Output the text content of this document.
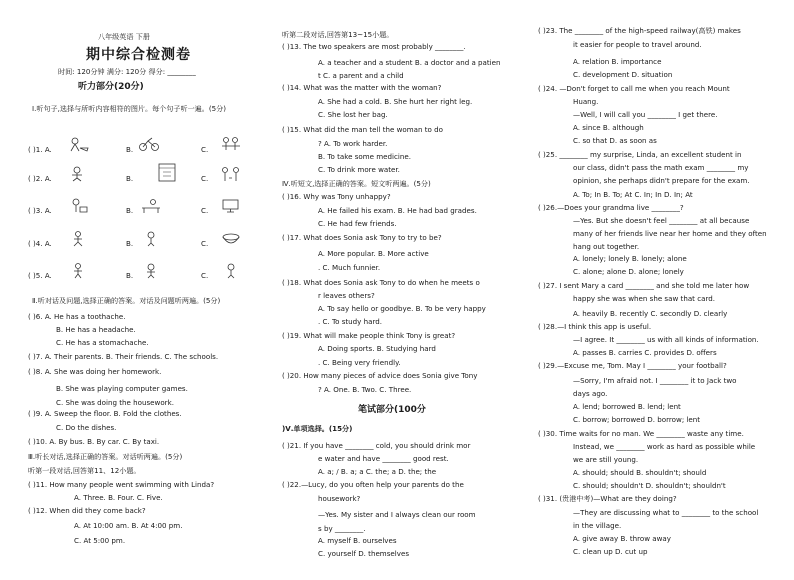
八年级英语 下册
期中综合检测卷
时间: 120分钟 满分: 120分 得分: ________
听力部分(20分)
Ⅰ.听句子,选择与所听内容相符的图片。每个句子听一遍。(5分)
( )1. A.	B.	C.
( )2. A.	B.	C.
( )3. A.	B.	C.
( )4. A.	B.	C.
( )5. A.	B.	C.
Ⅱ.听对话及问题,选择正确的答案。对话及问题听两遍。(5分)
( )6. A. He has a toothache.
B. He has a headache.
C. He has a stomachache.
( )7. A. Their parents. B. Their friends. C. The schools.
( )8. A. She was doing her homework.
B. She was playing computer games.
C. She was doing the housework.
( )9. A. Sweep the floor. B. Fold the clothes.
C. Do the dishes.
( )10. A. By bus. B. By car. C. By taxi.
Ⅲ.听长对话,选择正确的答案。对话听两遍。(5分)
听第一段对话,回答第11、12小题。
( )11. How many people went swimming with Linda?
A. Three. B. Four. C. Five.
( )12. When did they come back?
A. At 10:00 am. B. At 4:00 pm.
C. At 5:00 pm.
听第二段对话,回答第13~15小题。
( )13. The two speakers are most probably ________.
A. a teacher and a student B. a doctor and a patien
t C. a parent and a child
( )14. What was the matter with the woman?
A. She had a cold. B. She hurt her right leg.
C. She lost her bag.
( )15. What did the man tell the woman to do
? A. To work harder.
B. To take some medicine.
C. To drink more water.
Ⅳ.听短文,选择正确的答案。短文听两遍。(5分)
( )16. Why was Tony unhappy?
A. He failed his exam. B. He had bad grades.
C. He had few friends.
( )17. What does Sonia ask Tony to try to be?
A. More popular. B. More active
. C. Much funnier.
( )18. What does Sonia ask Tony to do when he meets o
r leaves others?
A. To say hello or goodbye. B. To be very happy
. C. To study hard.
( )19. What will make people think Tony is great?
A. Doing sports. B. Studying hard
. C. Being very friendly.
( )20. How many pieces of advice does Sonia give Tony
? A. One. B. Two. C. Three.
笔试部分(100分
)Ⅴ.单项选择。(15分)
( )21. If you have ________ cold, you should drink mor
e water and have ________ good rest.
A. a; / B. a; a C. the; a D. the; the
( )22.—Lucy, do you often help your parents do the
housework?
—Yes. My sister and I always clean our room
s by ________.
A. myself B. ourselves
C. yourself D. themselves
( )23. The ________ of the high-speed railway(高铁) makes
it easier for people to travel around.
A. relation B. importance
C. development D. situation
( )24. —Don't forget to call me when you reach Mount
Huang.
—Well, I will call you ________ I get there.
A. since B. although
C. so that D. as soon as
( )25. ________ my surprise, Linda, an excellent student in
our class, didn't pass the math exam ________ my
opinion, she perhaps didn't prepare for the exam.
A. To; In B. To; At C. In; In D. In; At
( )26.—Does your grandma live ________?
—Yes. But she doesn't feel ________ at all because
many of her friends live near her home and they often
hang out together.
A. lonely; lonely B. lonely; alone
C. alone; alone D. alone; lonely
( )27. I sent Mary a card ________ and she told me later how
happy she was when she saw that card.
A. heavily B. recently C. secondly D. clearly
( )28.—I think this app is useful.
—I agree. It ________ us with all kinds of information.
A. passes B. carries C. provides D. offers
( )29.—Excuse me, Tom. May I ________ your football?
—Sorry, I'm afraid not. I ________ it to Jack two
days ago.
A. lend; borrowed B. lend; lent
C. borrow; borrowed D. borrow; lent
( )30. Time waits for no man. We ________ waste any time.
Instead, we ________ work as hard as possible while
we are still young.
A. should; should B. shouldn't; should
C. should; shouldn't D. shouldn't; shouldn't
( )31. (贵港中考)—What are they doing?
—They are discussing what to ________ to the school
in the village.
A. give away B. throw away
C. clean up D. cut up
